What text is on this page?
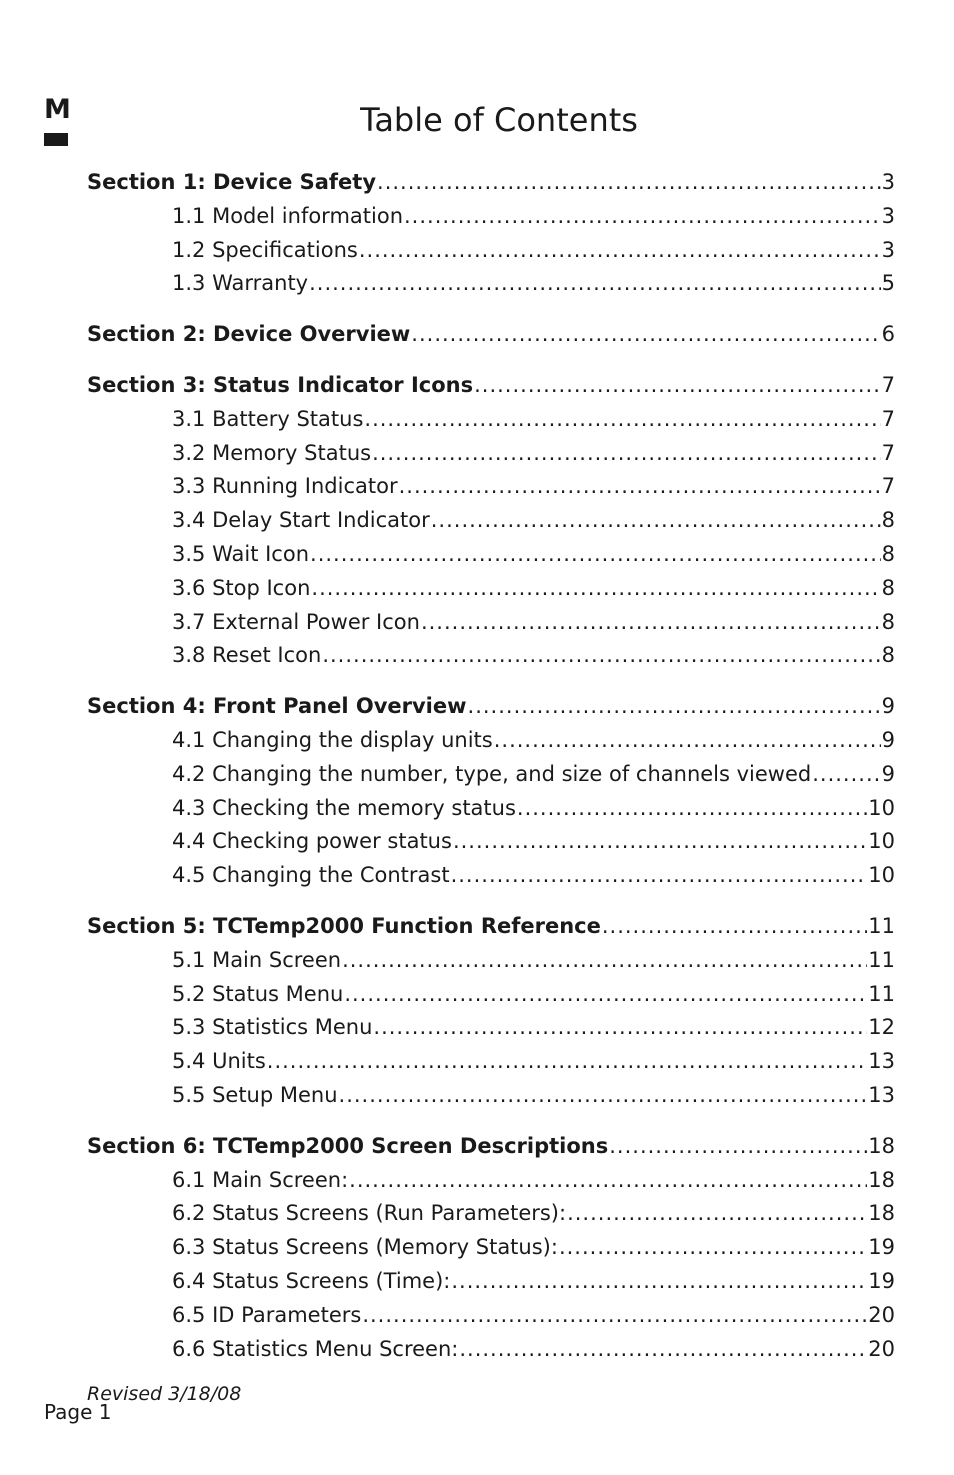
M	Table of Contents
Section 1: Device Safety .....	3
1.1 Model information .....	3
1.2 Specifications .....	3
1.3 Warranty .....	5
Section 2: Device Overview .....	6
Section 3: Status Indicator Icons .....	7
3.1 Battery Status .....	7
3.2 Memory Status .....	7
3.3 Running Indicator .....	7
3.4 Delay Start Indicator .....	8
3.5 Wait Icon .....	8
3.6 Stop Icon .....	8
3.7 External Power Icon .....	8
3.8 Reset Icon .....	8
Section 4: Front Panel Overview .....	9
4.1 Changing the display units .....	9
4.2 Changing the number, type, and size of channels viewed .....	9
4.3 Checking the memory status .....	10
4.4 Checking power status .....	10
4.5 Changing the Contrast .....	10
Section 5: TCTemp2000 Function Reference .....	11
5.1 Main Screen .....	11
5.2 Status Menu .....	11
5.3 Statistics Menu .....	12
5.4 Units .....	13
5.5 Setup Menu .....	13
Section 6: TCTemp2000 Screen Descriptions .....	18
6.1 Main Screen: .....	18
6.2 Status Screens (Run Parameters): .....	18
6.3 Status Screens (Memory Status): .....	19
6.4 Status Screens (Time): .....	19
6.5 ID Parameters .....	20
6.6 Statistics Menu Screen: .....	20
Revised 3/18/08
Page 1
